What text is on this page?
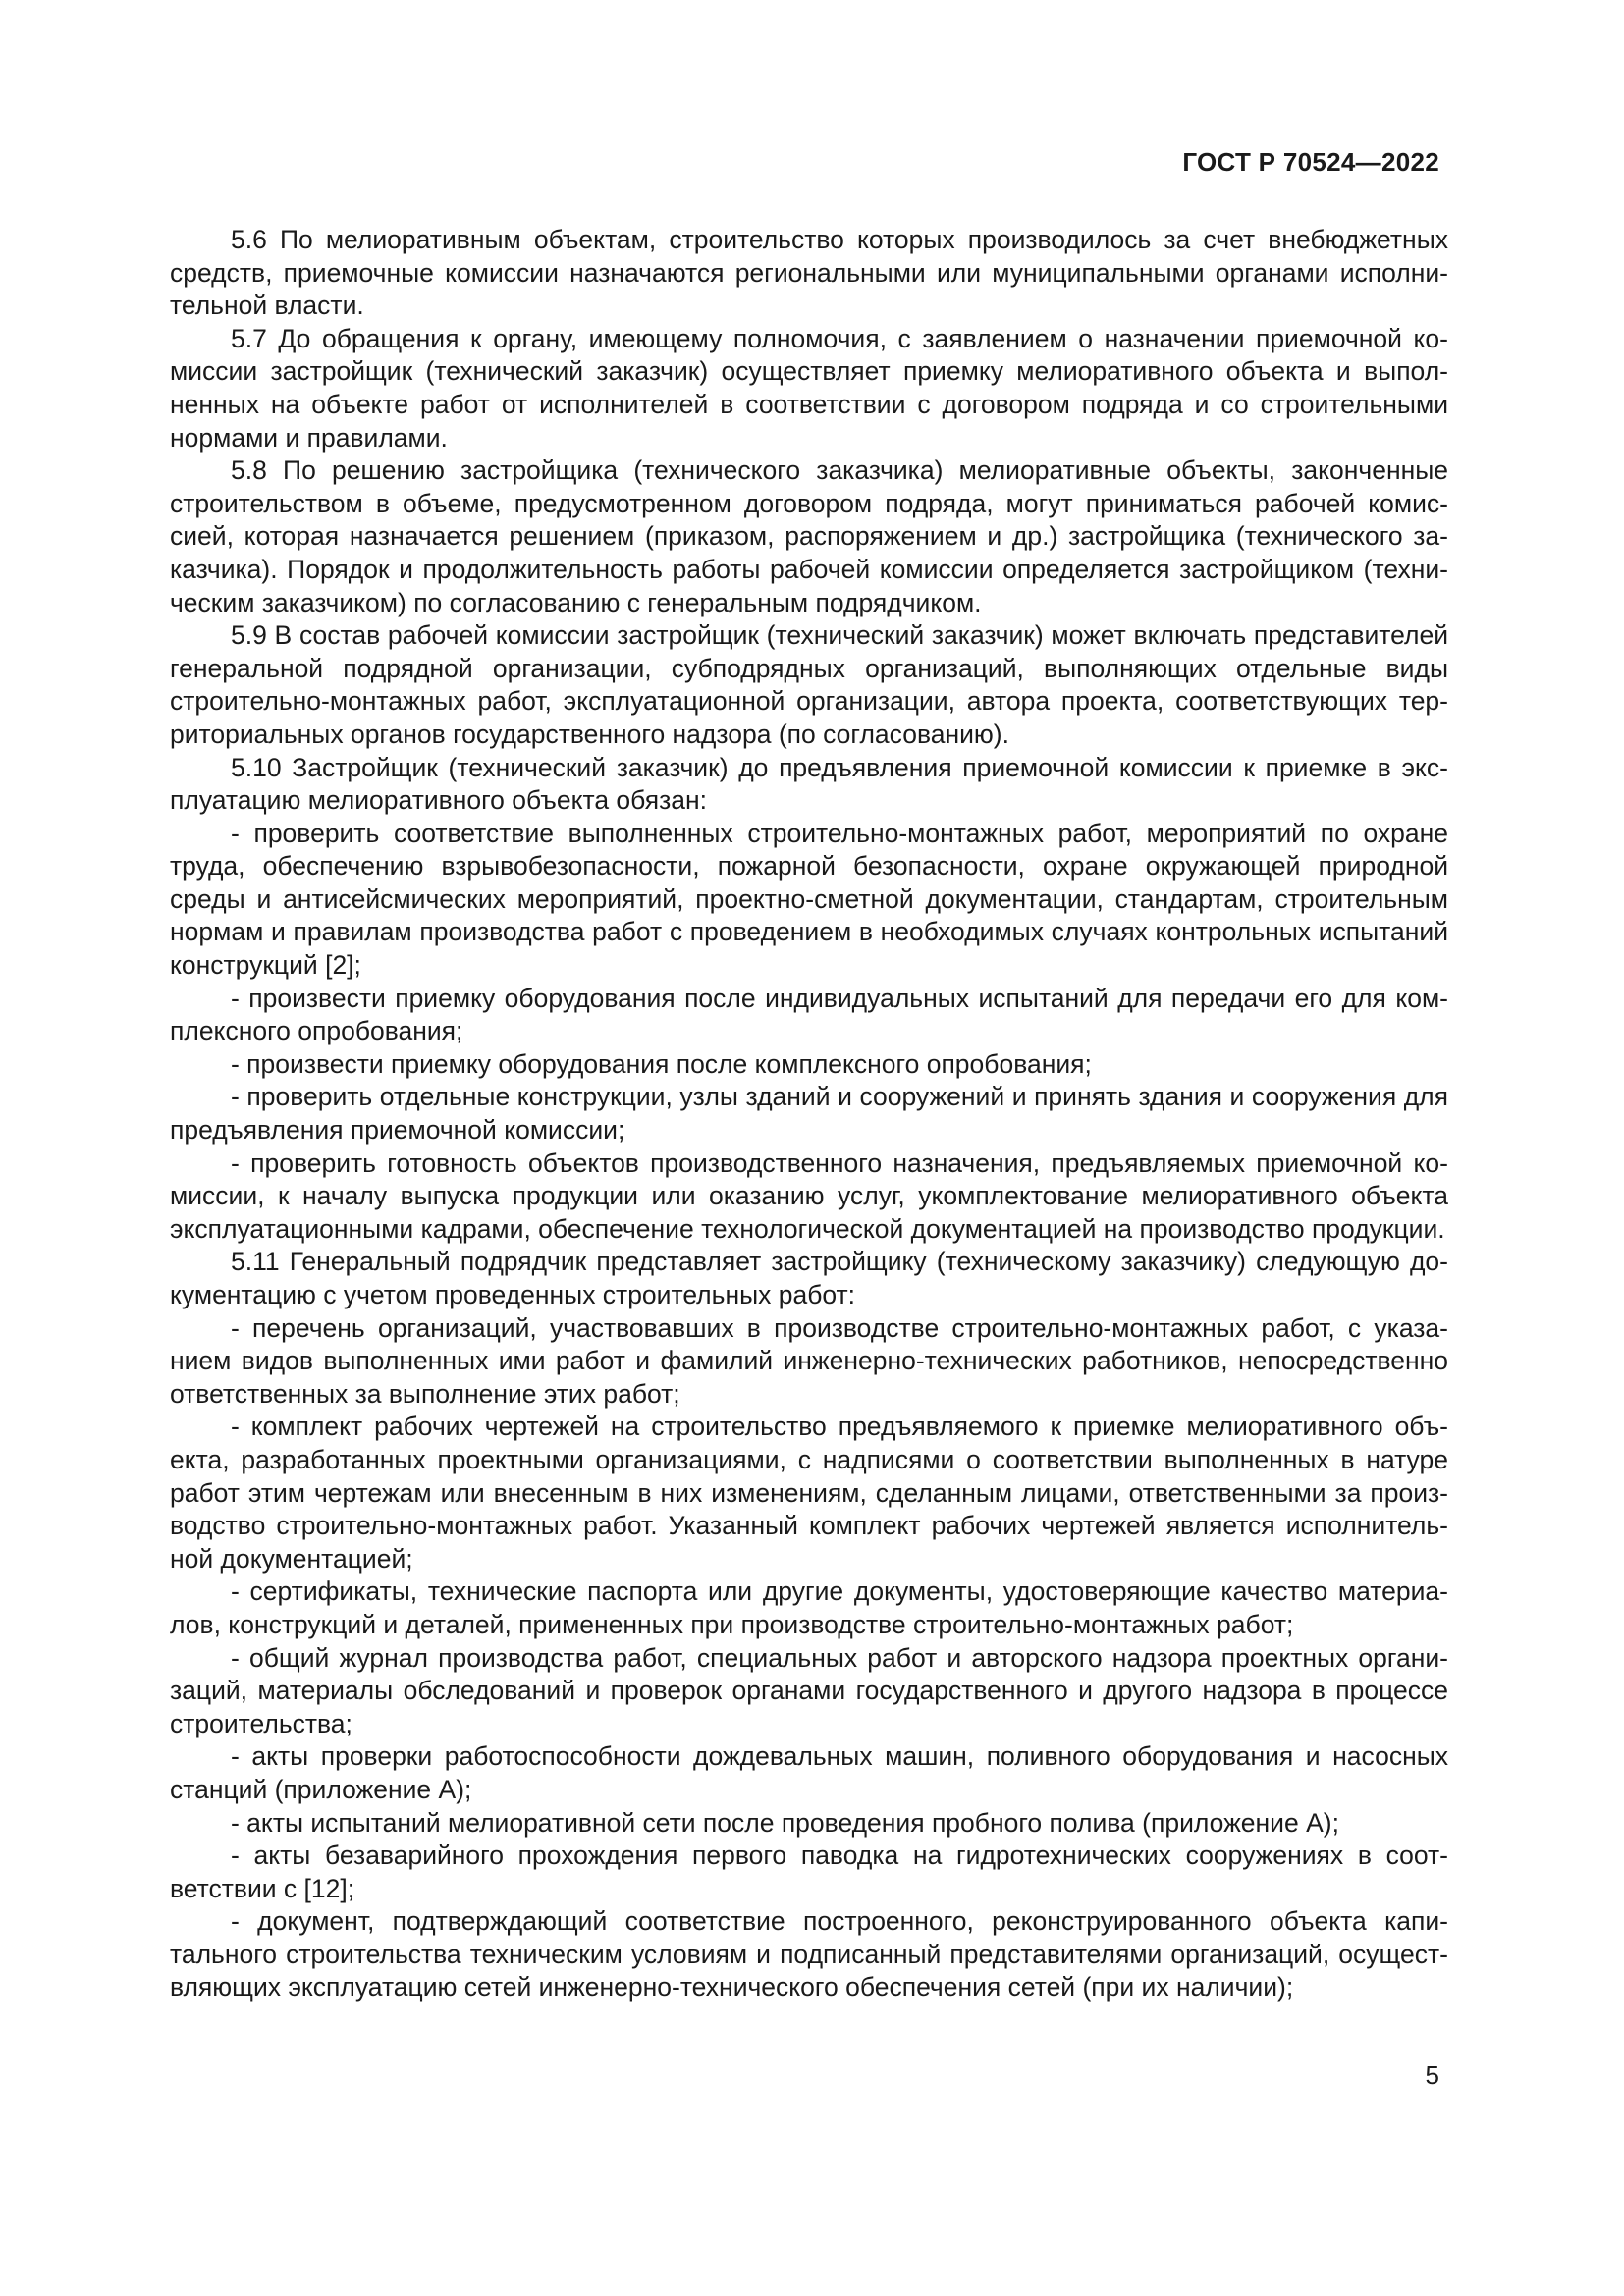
ГОСТ Р 70524—2022

5.6 По мелиоративным объектам, строительство которых производилось за счет внебюджетных средств, приемочные комиссии назначаются региональными или муниципальными органами исполнительной власти.

5.7 До обращения к органу, имеющему полномочия, с заявлением о назначении приемочной комиссии застройщик (технический заказчик) осуществляет приемку мелиоративного объекта и выполненных на объекте работ от исполнителей в соответствии с договором подряда и со строительными нормами и правилами.

5.8 По решению застройщика (технического заказчика) мелиоративные объекты, законченные строительством в объеме, предусмотренном договором подряда, могут приниматься рабочей комиссией, которая назначается решением (приказом, распоряжением и др.) застройщика (технического заказчика). Порядок и продолжительность работы рабочей комиссии определяется застройщиком (техническим заказчиком) по согласованию с генеральным подрядчиком.

5.9 В состав рабочей комиссии застройщик (технический заказчик) может включать представителей генеральной подрядной организации, субподрядных организаций, выполняющих отдельные виды строительно-монтажных работ, эксплуатационной организации, автора проекта, соответствующих территориальных органов государственного надзора (по согласованию).

5.10 Застройщик (технический заказчик) до предъявления приемочной комиссии к приемке в эксплуатацию мелиоративного объекта обязан:

- проверить соответствие выполненных строительно-монтажных работ, мероприятий по охране труда, обеспечению взрывобезопасности, пожарной безопасности, охране окружающей природной среды и антисейсмических мероприятий, проектно-сметной документации, стандартам, строительным нормам и правилам производства работ с проведением в необходимых случаях контрольных испытаний конструкций [2];

- произвести приемку оборудования после индивидуальных испытаний для передачи его для комплексного опробования;

- произвести приемку оборудования после комплексного опробования;

- проверить отдельные конструкции, узлы зданий и сооружений и принять здания и сооружения для предъявления приемочной комиссии;

- проверить готовность объектов производственного назначения, предъявляемых приемочной комиссии, к началу выпуска продукции или оказанию услуг, укомплектование мелиоративного объекта эксплуатационными кадрами, обеспечение технологической документацией на производство продукции.

5.11 Генеральный подрядчик представляет застройщику (техническому заказчику) следующую документацию с учетом проведенных строительных работ:

- перечень организаций, участвовавших в производстве строительно-монтажных работ, с указанием видов выполненных ими работ и фамилий инженерно-технических работников, непосредственно ответственных за выполнение этих работ;

- комплект рабочих чертежей на строительство предъявляемого к приемке мелиоративного объекта, разработанных проектными организациями, с надписями о соответствии выполненных в натуре работ этим чертежам или внесенным в них изменениям, сделанным лицами, ответственными за производство строительно-монтажных работ. Указанный комплект рабочих чертежей является исполнительной документацией;

- сертификаты, технические паспорта или другие документы, удостоверяющие качество материалов, конструкций и деталей, примененных при производстве строительно-монтажных работ;

- общий журнал производства работ, специальных работ и авторского надзора проектных организаций, материалы обследований и проверок органами государственного и другого надзора в процессе строительства;

- акты проверки работоспособности дождевальных машин, поливного оборудования и насосных станций (приложение А);

- акты испытаний мелиоративной сети после проведения пробного полива (приложение А);

- акты безаварийного прохождения первого паводка на гидротехнических сооружениях в соответствии с [12];

- документ, подтверждающий соответствие построенного, реконструированного объекта капитального строительства техническим условиям и подписанный представителями организаций, осуществляющих эксплуатацию сетей инженерно-технического обеспечения сетей (при их наличии);

5
